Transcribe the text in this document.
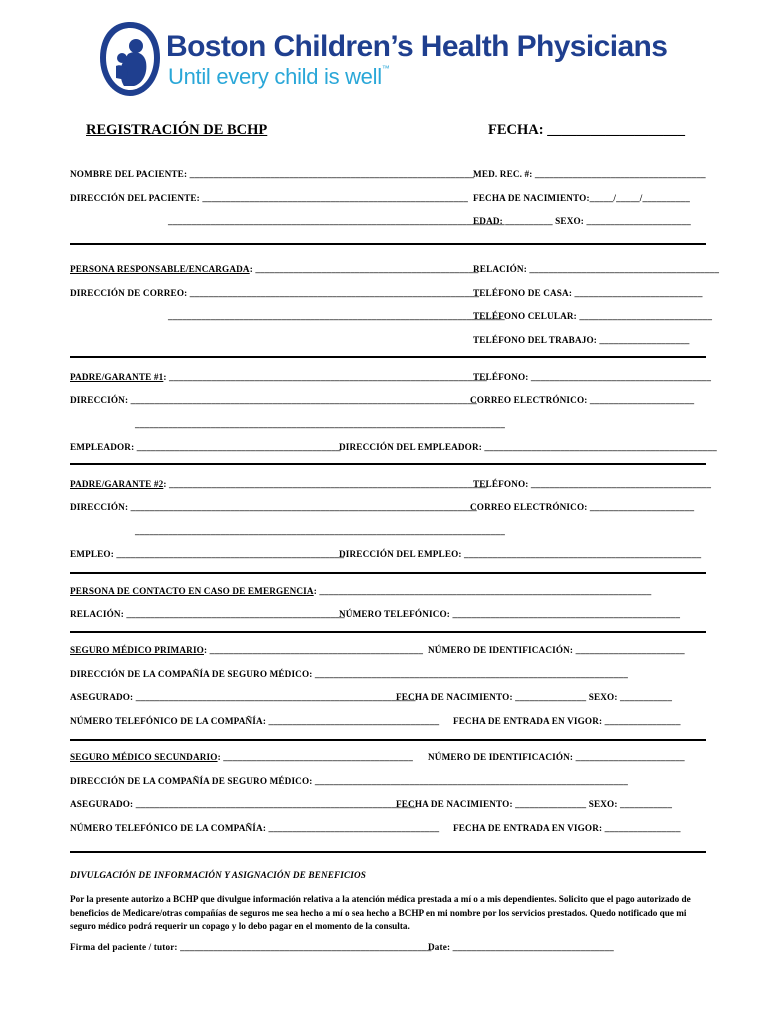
Boston Children’s Health Physicians
Until every child is well™
REGISTRACIÓN DE BCHP	FECHA: ___________________
NOMBRE DEL PACIENTE: ____________________________________________________________
MED. REC. #: ____________________________________
DIRECCIÓN DEL PACIENTE: ________________________________________________________ FECHA DE NACIMIENTO:_____/_____/__________
_______________________________________________________________________
EDAD: __________ SEXO: ______________________
PERSONA RESPONSABLE/ENCARGADA: _______________________________________________
RELACIÓN: ________________________________________
DIRECCIÓN DE CORREO: _____________________________________________________________
TELÉFONO DE CASA: ___________________________
_______________________________________________________________________
TELÉFONO CELULAR: ____________________________
TELÉFONO DEL TRABAJO: ___________________
PADRE/GARANTE #1: ___________________________________________________________________
TELÉFONO: ______________________________________
DIRECCIÓN: _________________________________________________________________________
CORREO ELECTRÓNICO: ______________________
______________________________________________________________________________
EMPLEADOR: ___________________________________________
DIRECCIÓN DEL EMPLEADOR: _________________________________________________
PADRE/GARANTE #2: ___________________________________________________________________
TELÉFONO: ______________________________________
DIRECCIÓN: _________________________________________________________________________
CORREO ELECTRÓNICO: ______________________
______________________________________________________________________________
EMPLEO: ________________________________________________
DIRECCIÓN DEL EMPLEO: __________________________________________________
PERSONA DE CONTACTO EN CASO DE EMERGENCIA: ______________________________________________________________________
RELACIÓN: ______________________________________________
NÚMERO TELEFÓNICO: ________________________________________________
SEGURO MÉDICO PRIMARIO: _____________________________________________ NÚMERO DE IDENTIFICACIÓN: _______________________
DIRECCIÓN DE LA COMPAÑÍA DE SEGURO MÉDICO: __________________________________________________________________
ASEGURADO: ___________________________________________________________
FECHA DE NACIMIENTO: _______________ SEXO: ___________
NÚMERO TELEFÓNICO DE LA COMPAÑÍA: ____________________________________ FECHA DE ENTRADA EN VIGOR: ________________
SEGURO MÉDICO SECUNDARIO: ________________________________________ NÚMERO DE IDENTIFICACIÓN: _______________________
DIRECCIÓN DE LA COMPAÑÍA DE SEGURO MÉDICO: __________________________________________________________________
ASEGURADO: ___________________________________________________________
FECHA DE NACIMIENTO: _______________ SEXO: ___________
NÚMERO TELEFÓNICO DE LA COMPAÑÍA: ____________________________________ FECHA DE ENTRADA EN VIGOR: ________________
DIVULGACIÓN DE INFORMACIÓN Y ASIGNACIÓN DE BENEFICIOS
Por la presente autorizo a BCHP que divulgue información relativa a la atención médica prestada a mí o a mis dependientes. Solicito que el pago autorizado de beneficios de Medicare/otras compañías de seguros me sea hecho a mí o sea hecho a BCHP en mi nombre por los servicios prestados. Quedo notificado que mi seguro médico podrá requerir un copago y lo debo pagar en el momento de la consulta.
Firma del paciente / tutor: _____________________________________________________
Date: __________________________________
